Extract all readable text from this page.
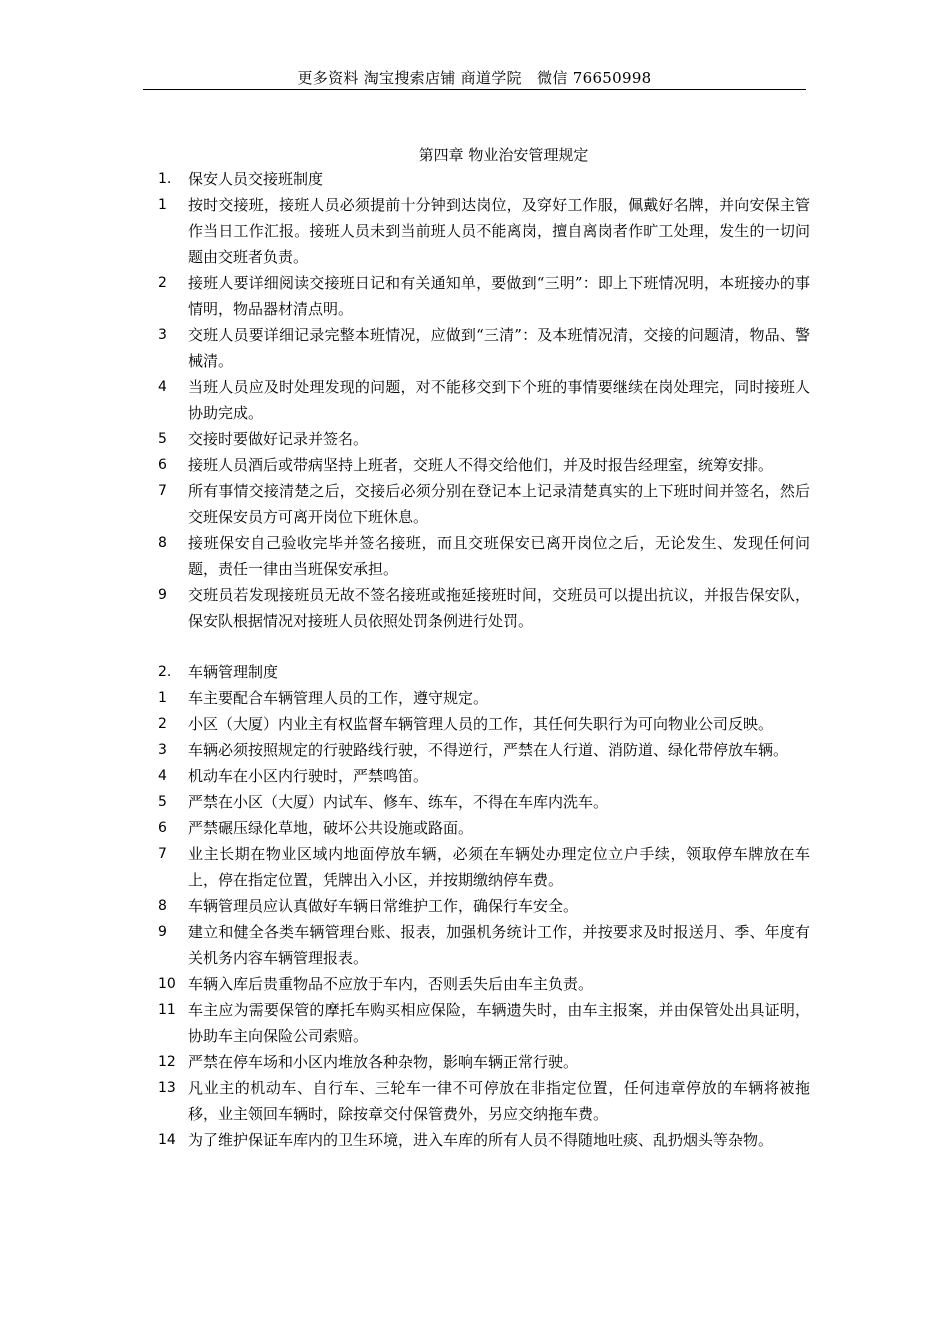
更多资料 淘宝搜索店铺 商道学院　微信 76650998
第四章 物业治安管理规定
1.	保安人员交接班制度
1	按时交接班，接班人员必须提前十分钟到达岗位，及穿好工作服，佩戴好名牌，并向安保主管作当日工作汇报。接班人员未到当前班人员不能离岗，擅自离岗者作旷工处理，发生的一切问题由交班者负责。
2	接班人要详细阅读交接班日记和有关通知单，要做到“三明”：即上下班情况明，本班接办的事情明，物品器材清点明。
3	交班人员要详细记录完整本班情况，应做到“三清”：及本班情况清，交接的问题清，物品、警械清。
4	当班人员应及时处理发现的问题，对不能移交到下个班的事情要继续在岗处理完，同时接班人协助完成。
5	交接时要做好记录并签名。
6	接班人员酒后或带病坚持上班者，交班人不得交给他们，并及时报告经理室，统筹安排。
7	所有事情交接清楚之后，交接后必须分别在登记本上记录清楚真实的上下班时间并签名，然后交班保安员方可离开岗位下班休息。
8	接班保安自己验收完毕并签名接班，而且交班保安已离开岗位之后，无论发生、发现任何问题，责任一律由当班保安承担。
9	交班员若发现接班员无故不签名接班或拖延接班时间，交班员可以提出抗议，并报告保安队，保安队根据情况对接班人员依照处罚条例进行处罚。
2.	车辆管理制度
1	车主要配合车辆管理人员的工作，遵守规定。
2	小区（大厦）内业主有权监督车辆管理人员的工作，其任何失职行为可向物业公司反映。
3	车辆必须按照规定的行驶路线行驶，不得逆行，严禁在人行道、消防道、绿化带停放车辆。
4	机动车在小区内行驶时，严禁鸣笛。
5	严禁在小区（大厦）内试车、修车、练车，不得在车库内洗车。
6	严禁碾压绿化草地，破坏公共设施或路面。
7	业主长期在物业区域内地面停放车辆，必须在车辆处办理定位立户手续，领取停车牌放在车上，停在指定位置，凭牌出入小区，并按期缴纳停车费。
8	车辆管理员应认真做好车辆日常维护工作，确保行车安全。
9	建立和健全各类车辆管理台账、报表，加强机务统计工作，并按要求及时报送月、季、年度有关机务内容车辆管理报表。
10 车辆入库后贵重物品不应放于车内，否则丢失后由车主负责。
11 车主应为需要保管的摩托车购买相应保险，车辆遗失时，由车主报案，并由保管处出具证明，协助车主向保险公司索赔。
12 严禁在停车场和小区内堆放各种杂物，影响车辆正常行驶。
13 凡业主的机动车、自行车、三轮车一律不可停放在非指定位置，任何违章停放的车辆将被拖移，业主领回车辆时，除按章交付保管费外，另应交纳拖车费。
14 为了维护保证车库内的卫生环境，进入车库的所有人员不得随地吐痰、乱扔烟头等杂物。
